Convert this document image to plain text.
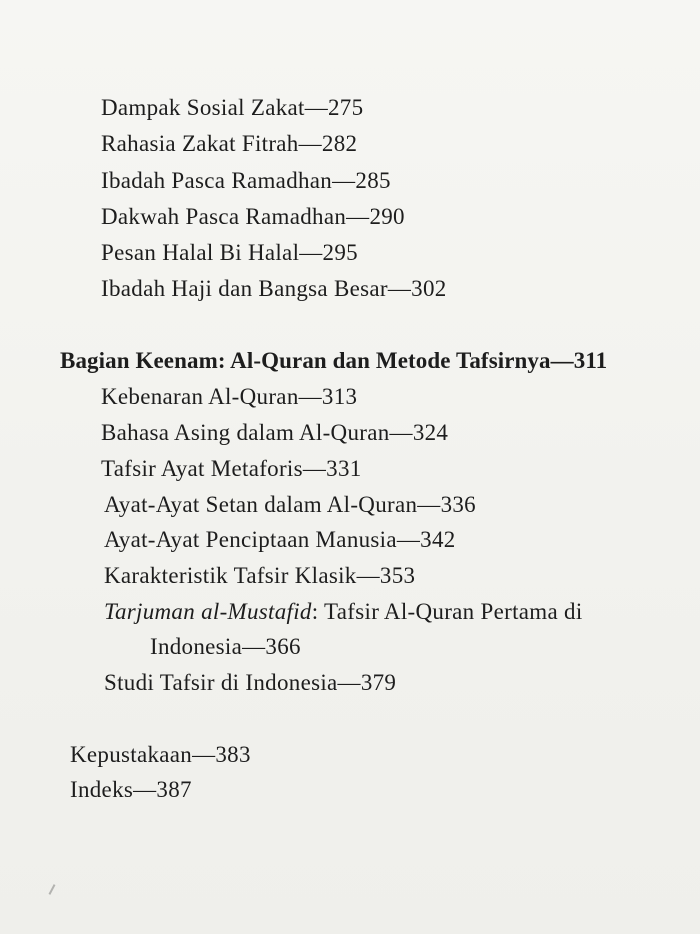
Dampak Sosial Zakat—275
Rahasia Zakat Fitrah—282
Ibadah Pasca Ramadhan—285
Dakwah Pasca Ramadhan—290
Pesan Halal Bi Halal—295
Ibadah Haji dan Bangsa Besar—302
Bagian Keenam: Al-Quran dan Metode Tafsirnya—311
Kebenaran Al-Quran—313
Bahasa Asing dalam Al-Quran—324
Tafsir Ayat Metaforis—331
Ayat-Ayat Setan dalam Al-Quran—336
Ayat-Ayat Penciptaan Manusia—342
Karakteristik Tafsir Klasik—353
Tarjuman al-Mustafid: Tafsir Al-Quran Pertama di
Indonesia—366
Studi Tafsir di Indonesia—379
Kepustakaan—383
Indeks—387
